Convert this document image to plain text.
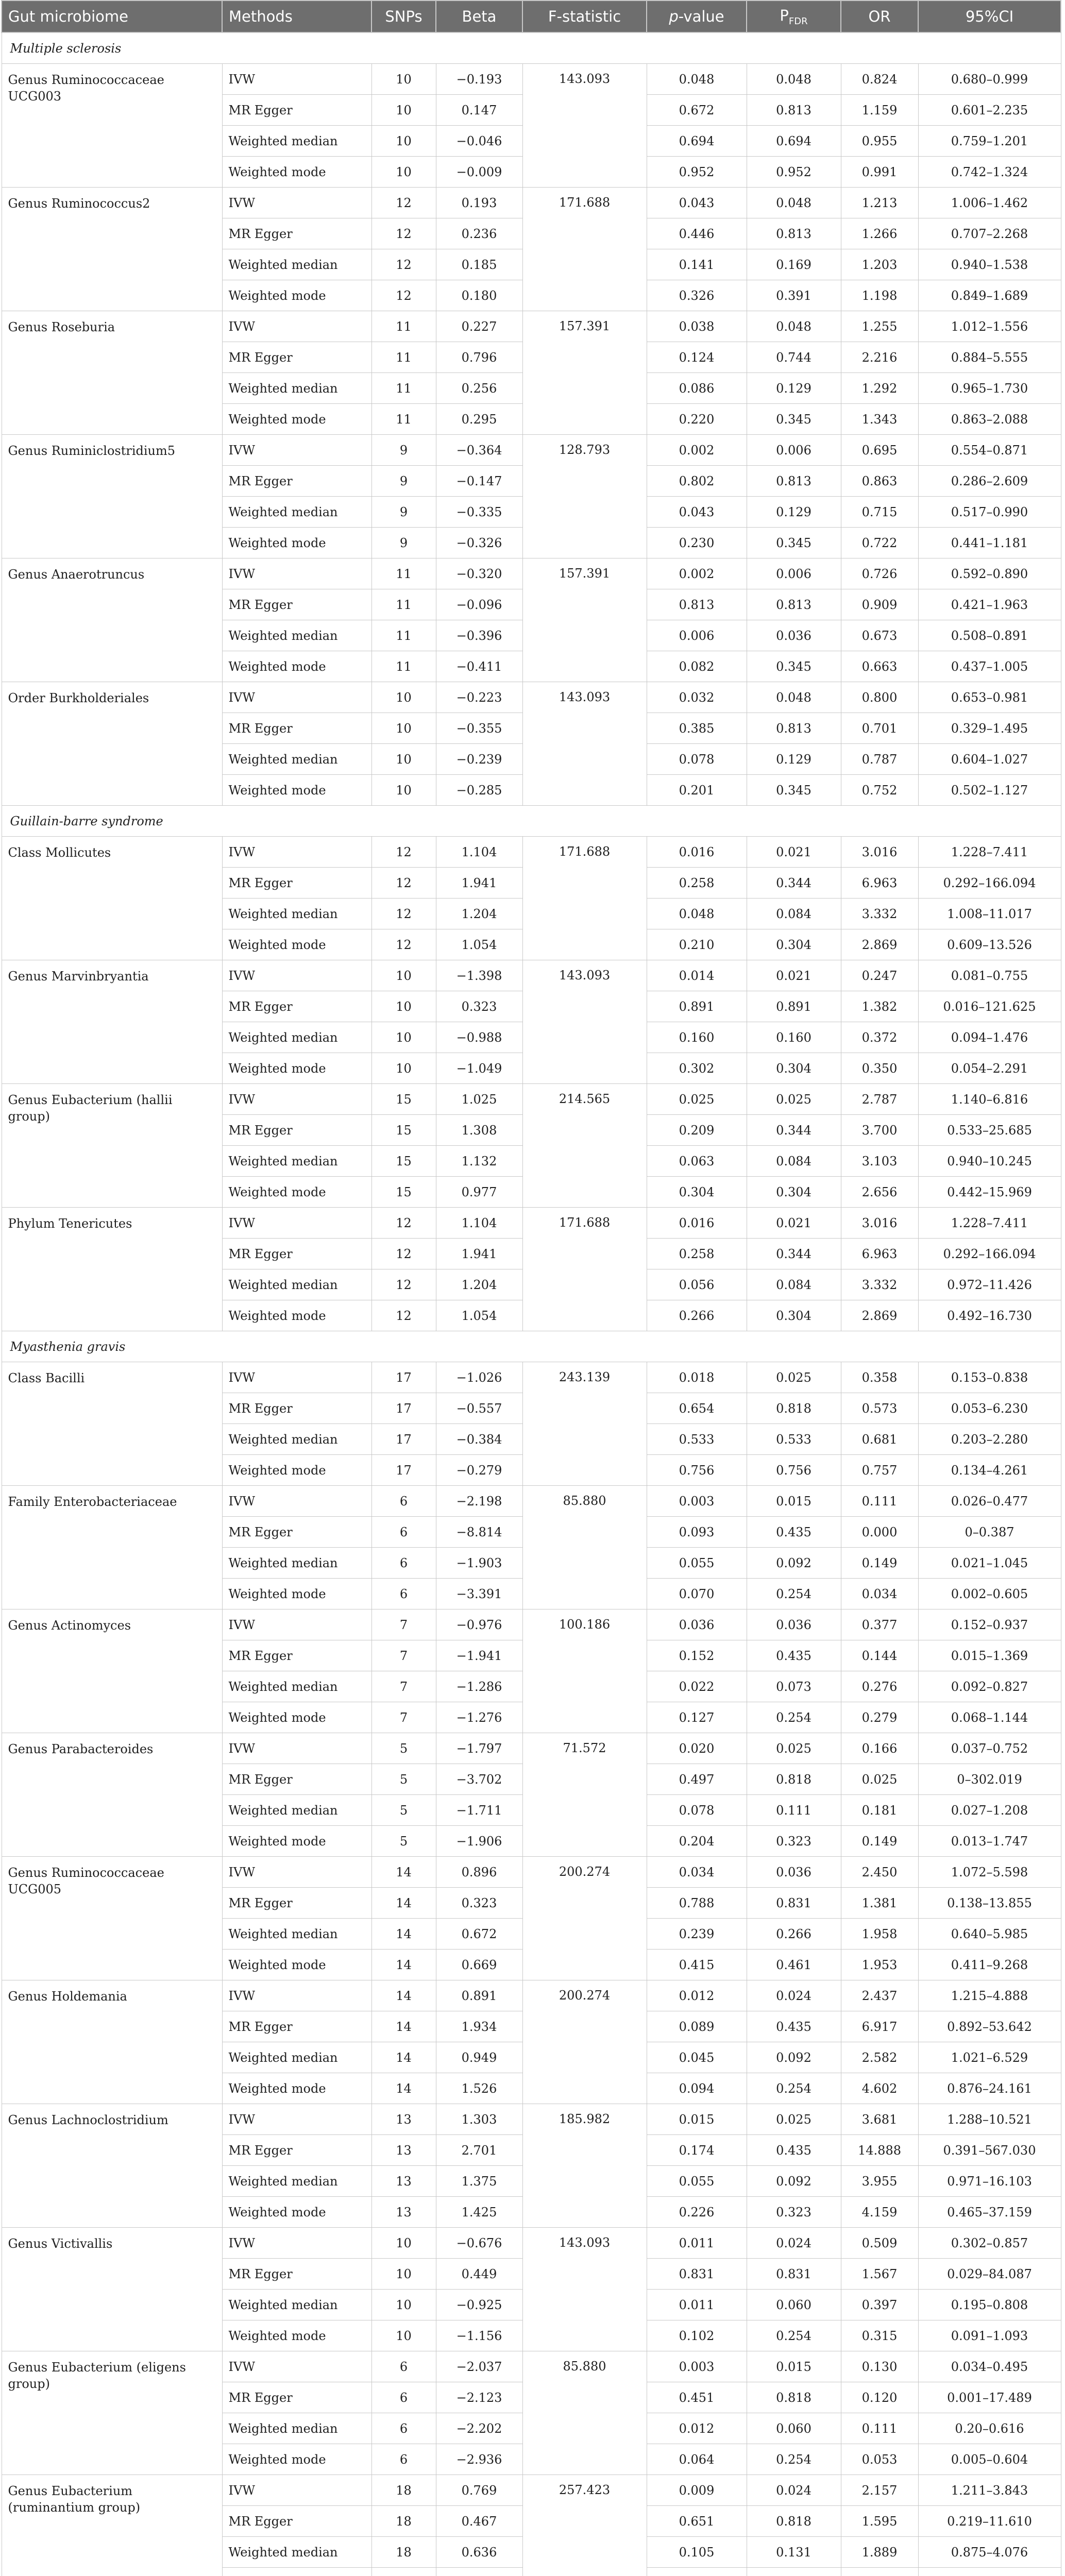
Gut microbiome	Methods	SNPs	Beta	F-statistic	p-value	$P_{FDR}$	OR	95%CI
Multiple sclerosis								
Genus Ruminococcaceae UCG003	IVW	10	−0.193	143.093	0.048	0.048	0.824	0.680–0.999
	MR Egger	10	0.147		0.672	0.813	1.159	0.601–2.235
	Weighted median	10	−0.046		0.694	0.694	0.955	0.759–1.201
	Weighted mode	10	−0.009		0.952	0.952	0.991	0.742–1.324
Genus Ruminococcus2	IVW	12	0.193	171.688	0.043	0.048	1.213	1.006–1.462
	MR Egger	12	0.236		0.446	0.813	1.266	0.707–2.268
	Weighted median	12	0.185		0.141	0.169	1.203	0.940–1.538
	Weighted mode	12	0.180		0.326	0.391	1.198	0.849–1.689
Genus Roseburia	IVW	11	0.227	157.391	0.038	0.048	1.255	1.012–1.556
	MR Egger	11	0.796		0.124	0.744	2.216	0.884–5.555
	Weighted median	11	0.256		0.086	0.129	1.292	0.965–1.730
	Weighted mode	11	0.295		0.220	0.345	1.343	0.863–2.088
Genus Ruminiclostridium5	IVW	9	−0.364	128.793	0.002	0.006	0.695	0.554–0.871
	MR Egger	9	−0.147		0.802	0.813	0.863	0.286–2.609
	Weighted median	9	−0.335		0.043	0.129	0.715	0.517–0.990
	Weighted mode	9	−0.326		0.230	0.345	0.722	0.441–1.181
Genus Anaerotruncus	IVW	11	−0.320	157.391	0.002	0.006	0.726	0.592–0.890
	MR Egger	11	−0.096		0.813	0.813	0.909	0.421–1.963
	Weighted median	11	−0.396		0.006	0.036	0.673	0.508–0.891
	Weighted mode	11	−0.411		0.082	0.345	0.663	0.437–1.005
Order Burkholderiales	IVW	10	−0.223	143.093	0.032	0.048	0.800	0.653–0.981
	MR Egger	10	−0.355		0.385	0.813	0.701	0.329–1.495
	Weighted median	10	−0.239		0.078	0.129	0.787	0.604–1.027
	Weighted mode	10	−0.285		0.201	0.345	0.752	0.502–1.127
Guillain-barre syndrome								
Class Mollicutes	IVW	12	1.104	171.688	0.016	0.021	3.016	1.228–7.411
	MR Egger	12	1.941		0.258	0.344	6.963	0.292–166.094
	Weighted median	12	1.204		0.048	0.084	3.332	1.008–11.017
	Weighted mode	12	1.054		0.210	0.304	2.869	0.609–13.526
Genus Marvinbryantia	IVW	10	−1.398	143.093	0.014	0.021	0.247	0.081–0.755
	MR Egger	10	0.323		0.891	0.891	1.382	0.016–121.625
	Weighted median	10	−0.988		0.160	0.160	0.372	0.094–1.476
	Weighted mode	10	−1.049		0.302	0.304	0.350	0.054–2.291
Genus Eubacterium (hallii group)	IVW	15	1.025	214.565	0.025	0.025	2.787	1.140–6.816
	MR Egger	15	1.308		0.209	0.344	3.700	0.533–25.685
	Weighted median	15	1.132		0.063	0.084	3.103	0.940–10.245
	Weighted mode	15	0.977		0.304	0.304	2.656	0.442–15.969
Phylum Tenericutes	IVW	12	1.104	171.688	0.016	0.021	3.016	1.228–7.411
	MR Egger	12	1.941		0.258	0.344	6.963	0.292–166.094
	Weighted median	12	1.204		0.056	0.084	3.332	0.972–11.426
	Weighted mode	12	1.054		0.266	0.304	2.869	0.492–16.730
Myasthenia gravis								
Class Bacilli	IVW	17	−1.026	243.139	0.018	0.025	0.358	0.153–0.838
	MR Egger	17	−0.557		0.654	0.818	0.573	0.053–6.230
	Weighted median	17	−0.384		0.533	0.533	0.681	0.203–2.280
	Weighted mode	17	−0.279		0.756	0.756	0.757	0.134–4.261
Family Enterobacteriaceae	IVW	6	−2.198	85.880	0.003	0.015	0.111	0.026–0.477
	MR Egger	6	−8.814		0.093	0.435	0.000	0–0.387
	Weighted median	6	−1.903		0.055	0.092	0.149	0.021–1.045
	Weighted mode	6	−3.391		0.070	0.254	0.034	0.002–0.605
Genus Actinomyces	IVW	7	−0.976	100.186	0.036	0.036	0.377	0.152–0.937
	MR Egger	7	−1.941		0.152	0.435	0.144	0.015–1.369
	Weighted median	7	−1.286		0.022	0.073	0.276	0.092–0.827
	Weighted mode	7	−1.276		0.127	0.254	0.279	0.068–1.144
Genus Parabacteroides	IVW	5	−1.797	71.572	0.020	0.025	0.166	0.037–0.752
	MR Egger	5	−3.702		0.497	0.818	0.025	0–302.019
	Weighted median	5	−1.711		0.078	0.111	0.181	0.027–1.208
	Weighted mode	5	−1.906		0.204	0.323	0.149	0.013–1.747
Genus Ruminococcaceae UCG005	IVW	14	0.896	200.274	0.034	0.036	2.450	1.072–5.598
	MR Egger	14	0.323		0.788	0.831	1.381	0.138–13.855
	Weighted median	14	0.672		0.239	0.266	1.958	0.640–5.985
	Weighted mode	14	0.669		0.415	0.461	1.953	0.411–9.268
Genus Holdemania	IVW	14	0.891	200.274	0.012	0.024	2.437	1.215–4.888
	MR Egger	14	1.934		0.089	0.435	6.917	0.892–53.642
	Weighted median	14	0.949		0.045	0.092	2.582	1.021–6.529
	Weighted mode	14	1.526		0.094	0.254	4.602	0.876–24.161
Genus Lachnoclostridium	IVW	13	1.303	185.982	0.015	0.025	3.681	1.288–10.521
	MR Egger	13	2.701		0.174	0.435	14.888	0.391–567.030
	Weighted median	13	1.375		0.055	0.092	3.955	0.971–16.103
	Weighted mode	13	1.425		0.226	0.323	4.159	0.465–37.159
Genus Victivallis	IVW	10	−0.676	143.093	0.011	0.024	0.509	0.302–0.857
	MR Egger	10	0.449		0.831	0.831	1.567	0.029–84.087
	Weighted median	10	−0.925		0.011	0.060	0.397	0.195–0.808
	Weighted mode	10	−1.156		0.102	0.254	0.315	0.091–1.093
Genus Eubacterium (eligens group)	IVW	6	−2.037	85.880	0.003	0.015	0.130	0.034–0.495
	MR Egger	6	−2.123		0.451	0.818	0.120	0.001–17.489
	Weighted median	6	−2.202		0.012	0.060	0.111	0.20–0.616
	Weighted mode	6	−2.936		0.064	0.254	0.053	0.005–0.604
Genus Eubacterium (ruminantium group)	IVW	18	0.769	257.423	0.009	0.024	2.157	1.211–3.843
	MR Egger	18	0.467		0.651	0.818	1.595	0.219–11.610
	Weighted median	18	0.636		0.105	0.131	1.889	0.875–4.076
